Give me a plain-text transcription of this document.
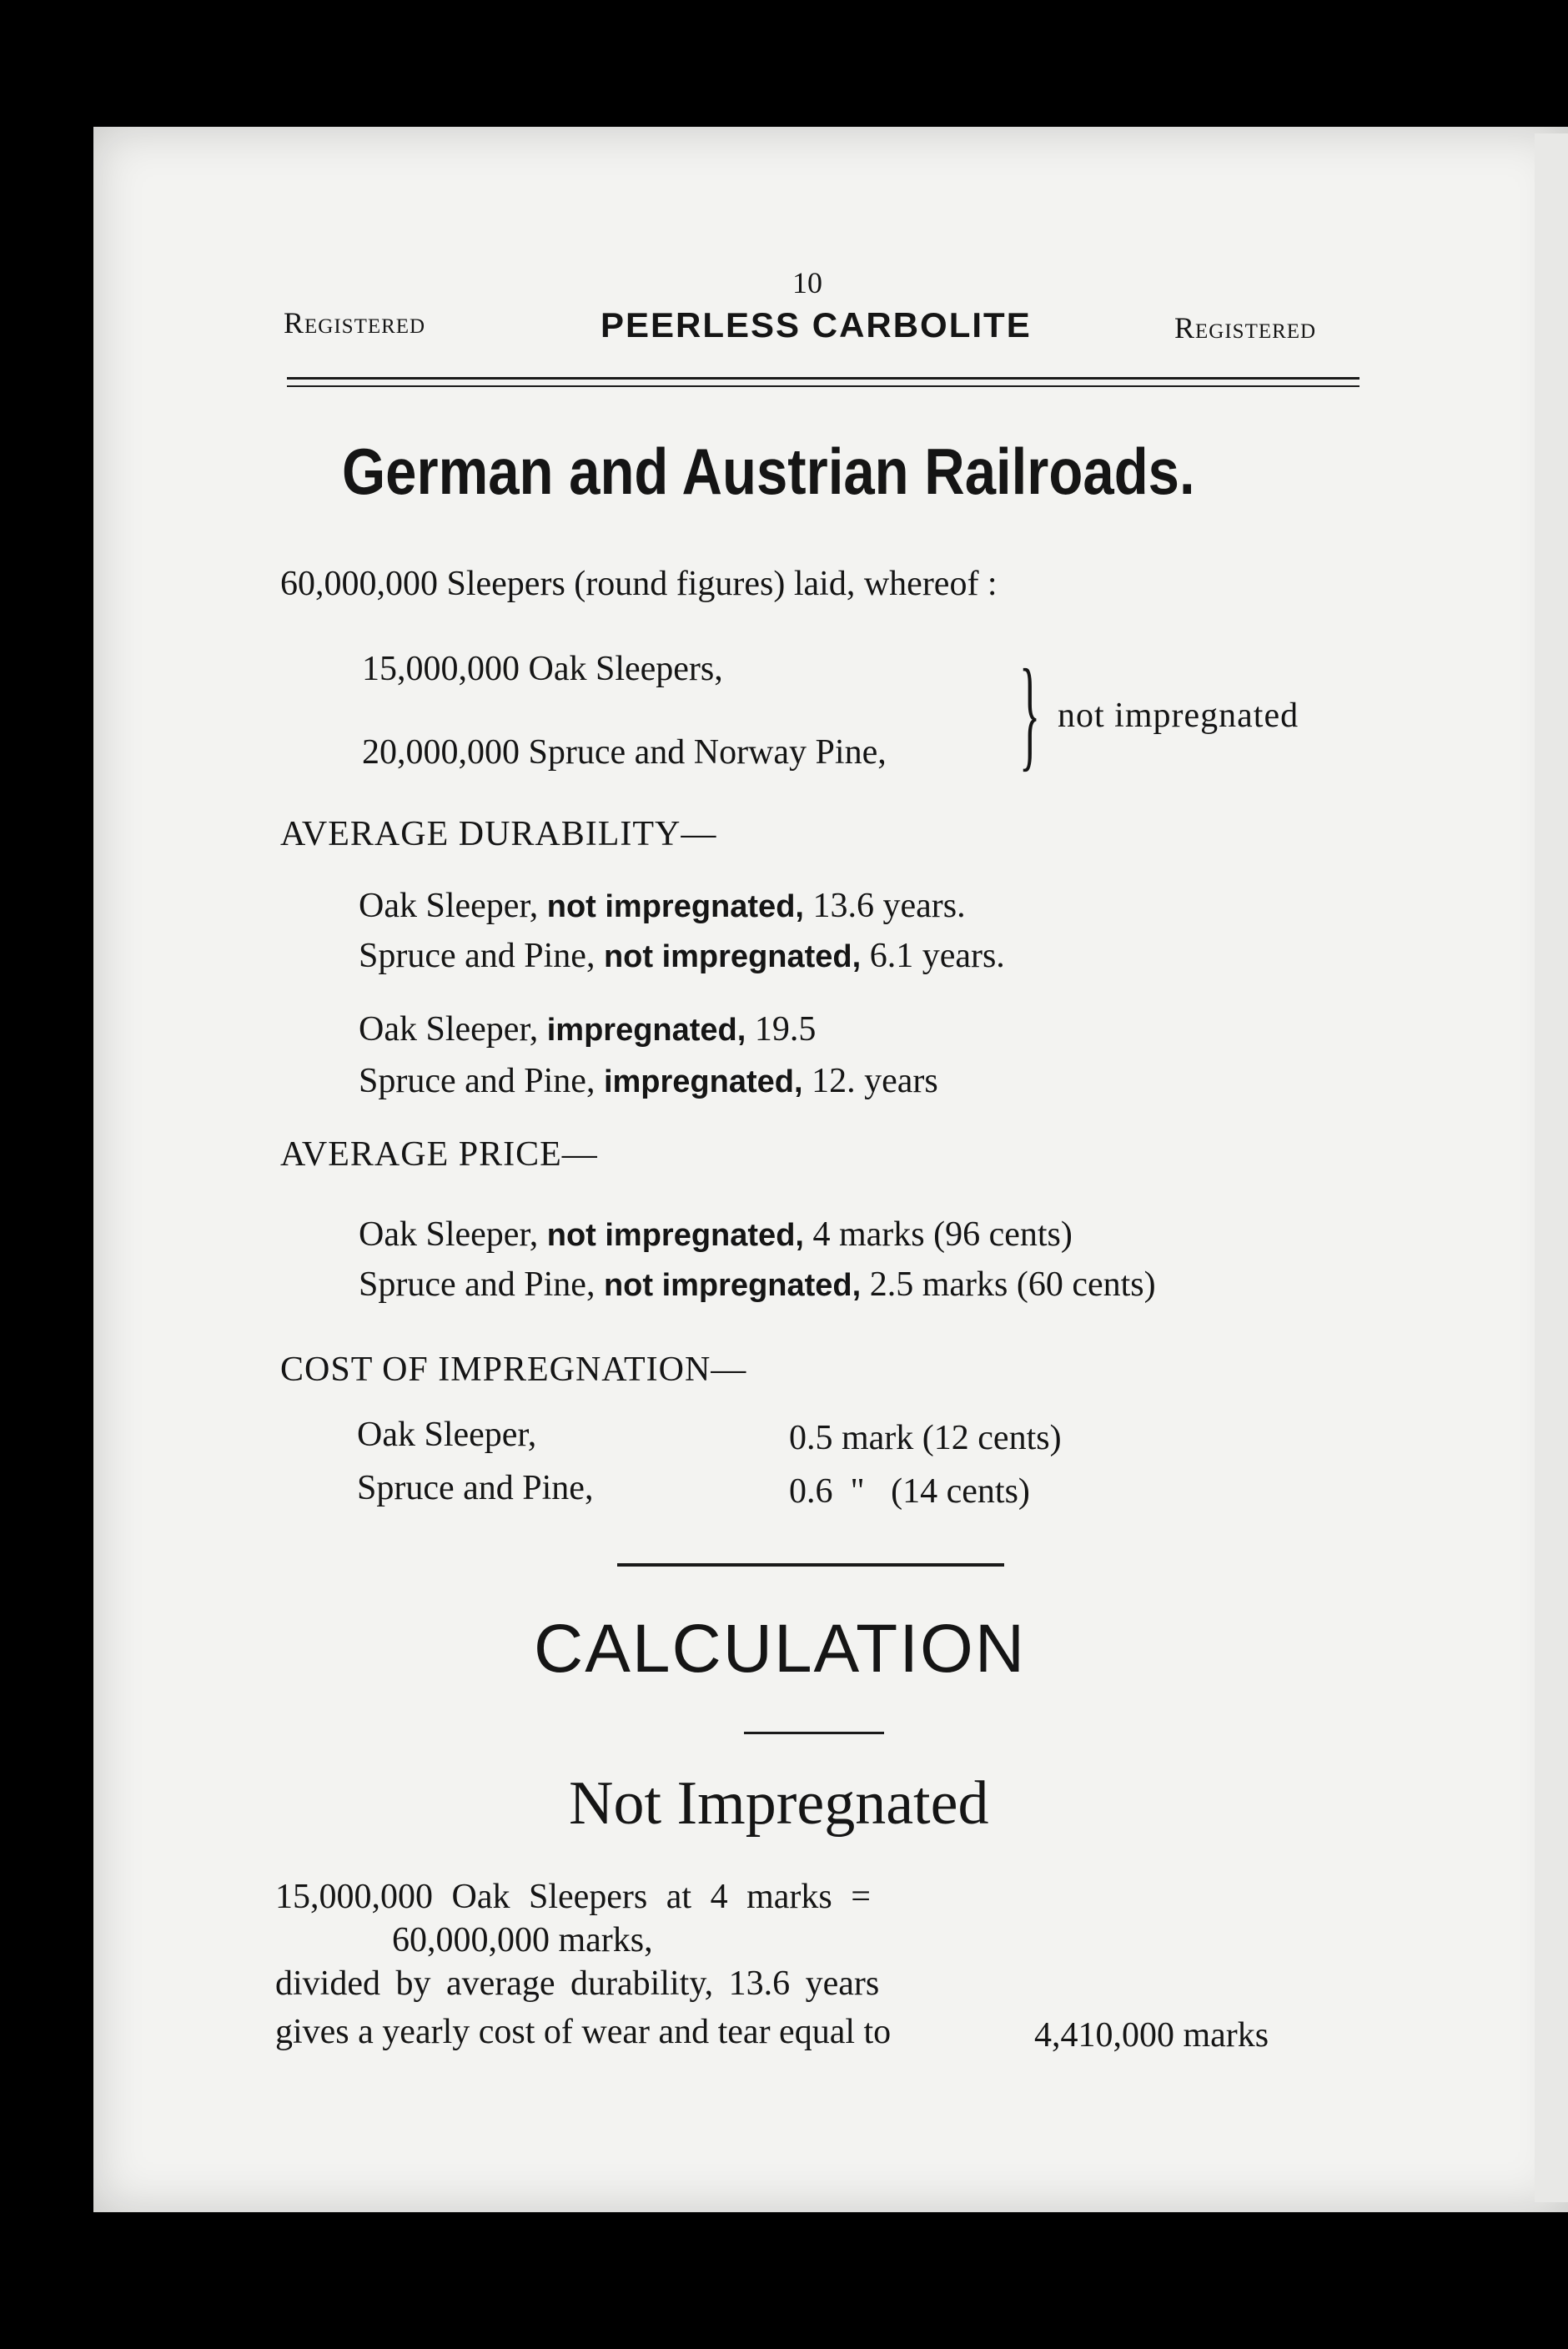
10
Registered	PEERLESS CARBOLITE	Registered
German and Austrian Railroads.
60,000,000 Sleepers (round figures) laid, whereof :
15,000,000 Oak Sleepers,
20,000,000 Spruce and Norway Pine, } not impregnated
AVERAGE DURABILITY—
Oak Sleeper, not impregnated, 13.6 years.
Spruce and Pine, not impregnated, 6.1 years.
Oak Sleeper, impregnated, 19.5
Spruce and Pine, impregnated, 12. years
AVERAGE PRICE—
Oak Sleeper, not impregnated, 4 marks (96 cents)
Spruce and Pine, not impregnated, 2.5 marks (60 cents)
COST OF IMPREGNATION—
Oak Sleeper,	0.5 mark (12 cents)
Spruce and Pine,	0.6  "   (14 cents)
CALCULATION
Not Impregnated
15,000,000 Oak Sleepers at 4 marks =
60,000,000 marks,
divided by average durability, 13.6 years
gives a yearly cost of wear and tear equal to	4,410,000 marks
